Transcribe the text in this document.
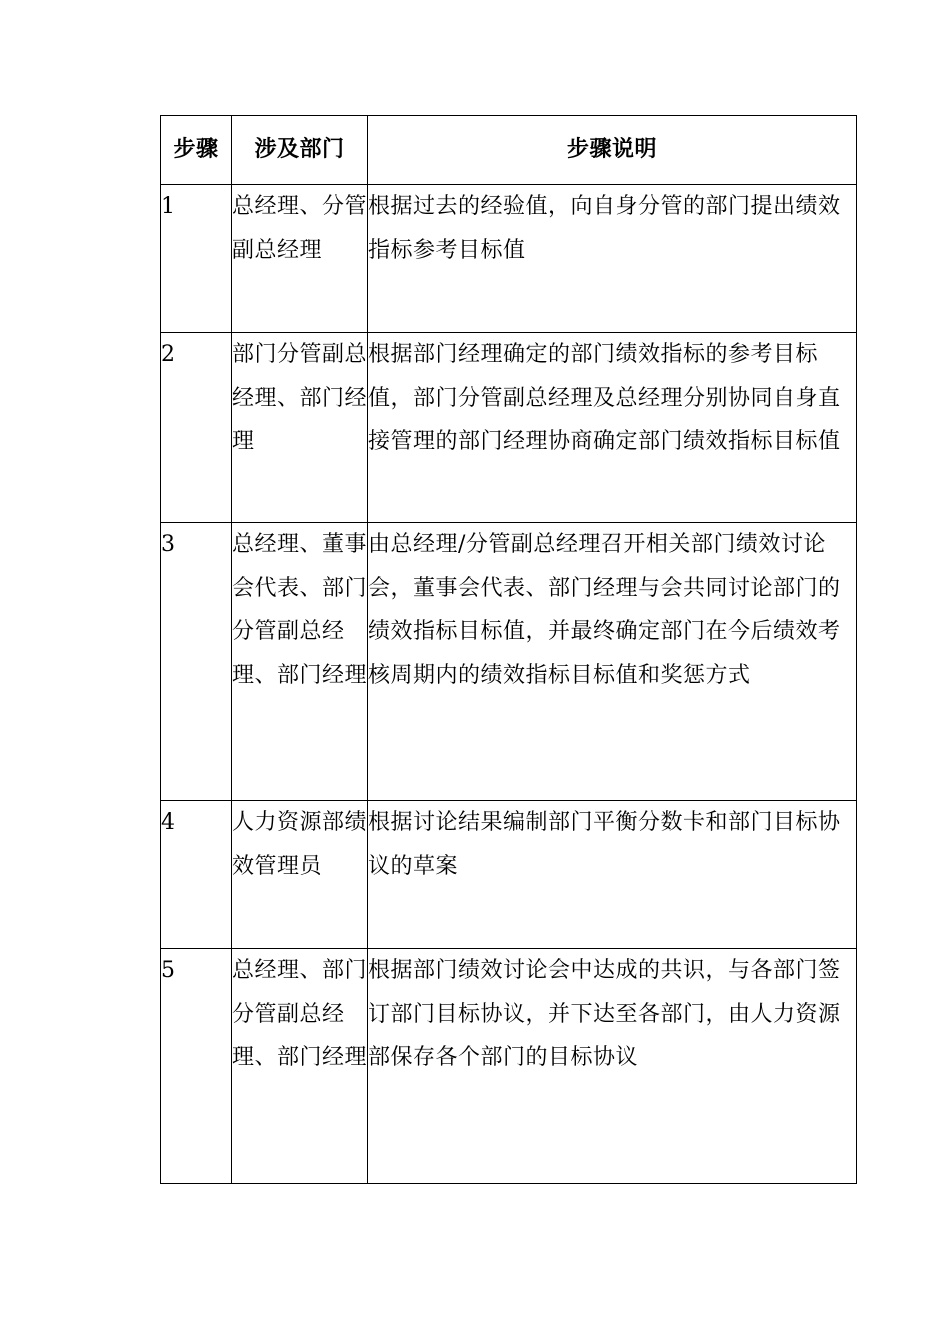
步骤	涉及部门	步骤说明
1	总经理、分管副总经理	根据过去的经验值，向自身分管的部门提出绩效指标参考目标值
2	部门分管副总经理、部门经理	根据部门经理确定的部门绩效指标的参考目标值，部门分管副总经理及总经理分别协同自身直接管理的部门经理协商确定部门绩效指标目标值
3	总经理、董事会代表、部门分管副总经理、部门经理	由总经理/分管副总经理召开相关部门绩效讨论会，董事会代表、部门经理与会共同讨论部门的绩效指标目标值，并最终确定部门在今后绩效考核周期内的绩效指标目标值和奖惩方式
4	人力资源部绩效管理员	根据讨论结果编制部门平衡分数卡和部门目标协议的草案
5	总经理、部门分管副总经理、部门经理	根据部门绩效讨论会中达成的共识，与各部门签订部门目标协议，并下达至各部门，由人力资源部保存各个部门的目标协议
